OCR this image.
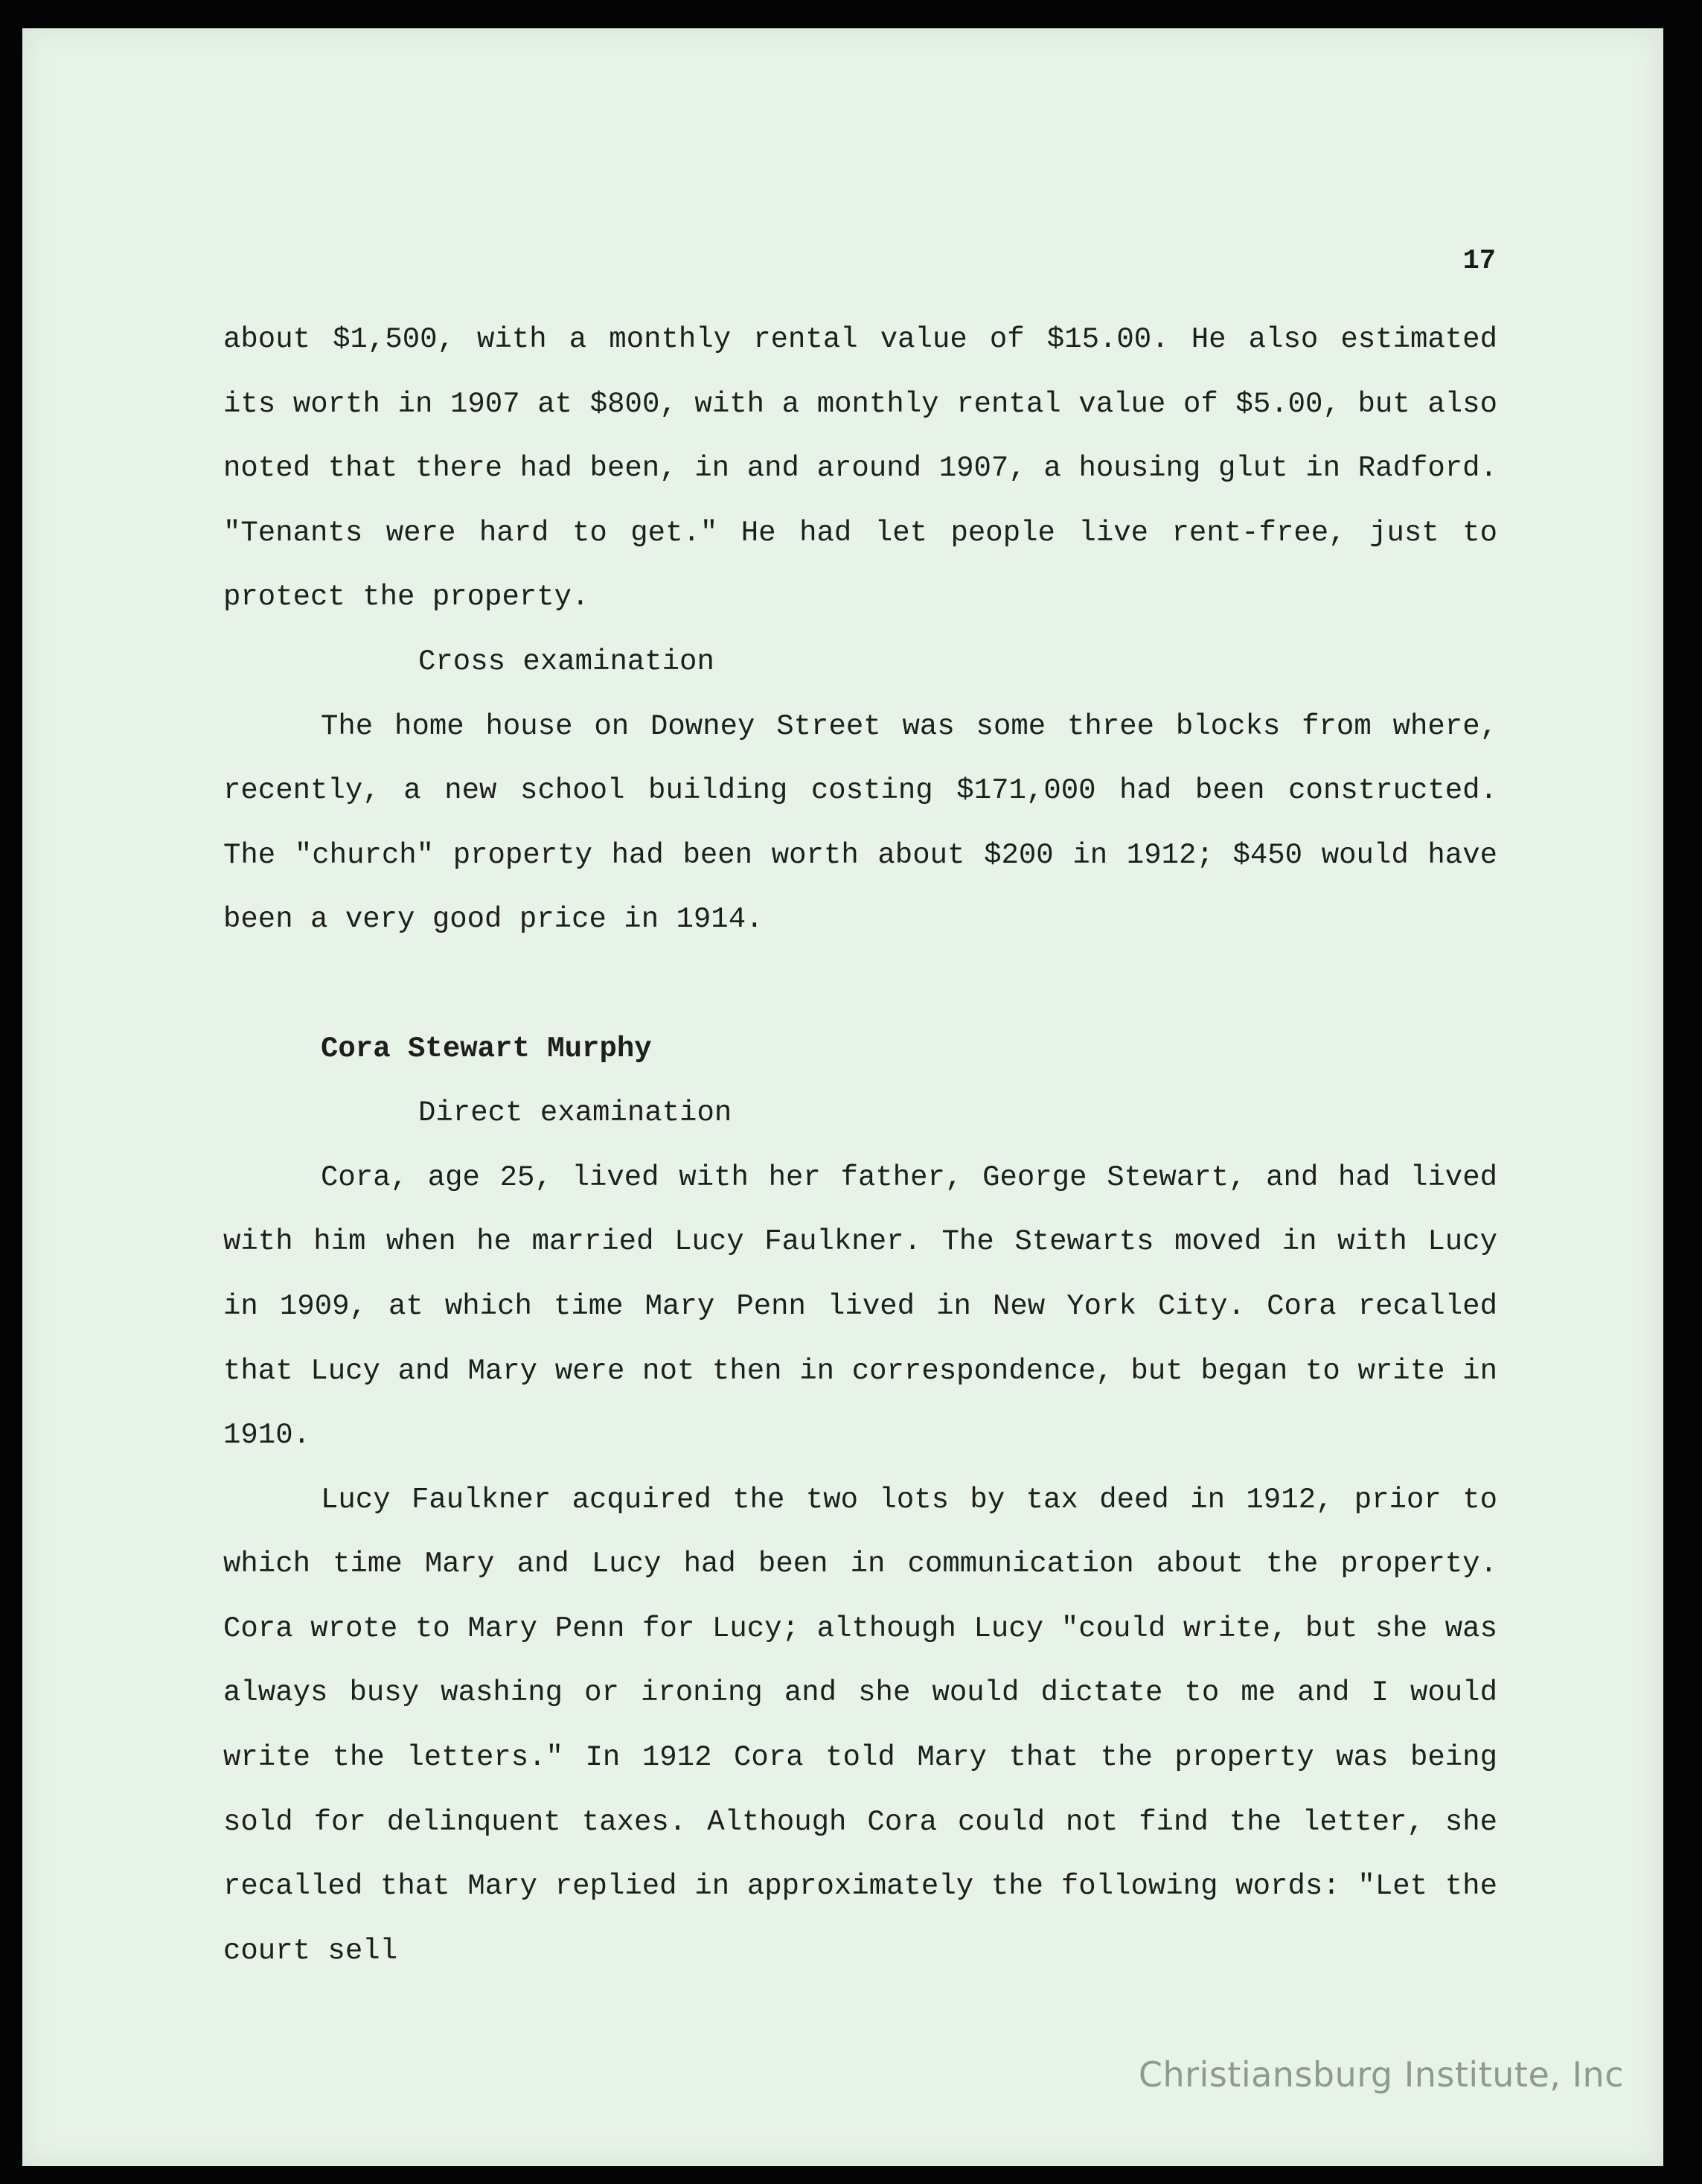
17

about $1,500, with a monthly rental value of $15.00. He also estimated its worth in 1907 at $800, with a monthly rental value of $5.00, but also noted that there had been, in and around 1907, a housing glut in Radford. "Tenants were hard to get." He had let people live rent-free, just to protect the property.

Cross examination

The home house on Downey Street was some three blocks from where, recently, a new school building costing $171,000 had been constructed. The "church" property had been worth about $200 in 1912; $450 would have been a very good price in 1914.

Cora Stewart Murphy

Direct examination

Cora, age 25, lived with her father, George Stewart, and had lived with him when he married Lucy Faulkner. The Stewarts moved in with Lucy in 1909, at which time Mary Penn lived in New York City. Cora recalled that Lucy and Mary were not then in correspondence, but began to write in 1910.

Lucy Faulkner acquired the two lots by tax deed in 1912, prior to which time Mary and Lucy had been in communication about the property. Cora wrote to Mary Penn for Lucy; although Lucy "could write, but she was always busy washing or ironing and she would dictate to me and I would write the letters." In 1912 Cora told Mary that the property was being sold for delinquent taxes. Although Cora could not find the letter, she recalled that Mary replied in approximately the following words: "Let the court sell

Christiansburg Institute, Inc
